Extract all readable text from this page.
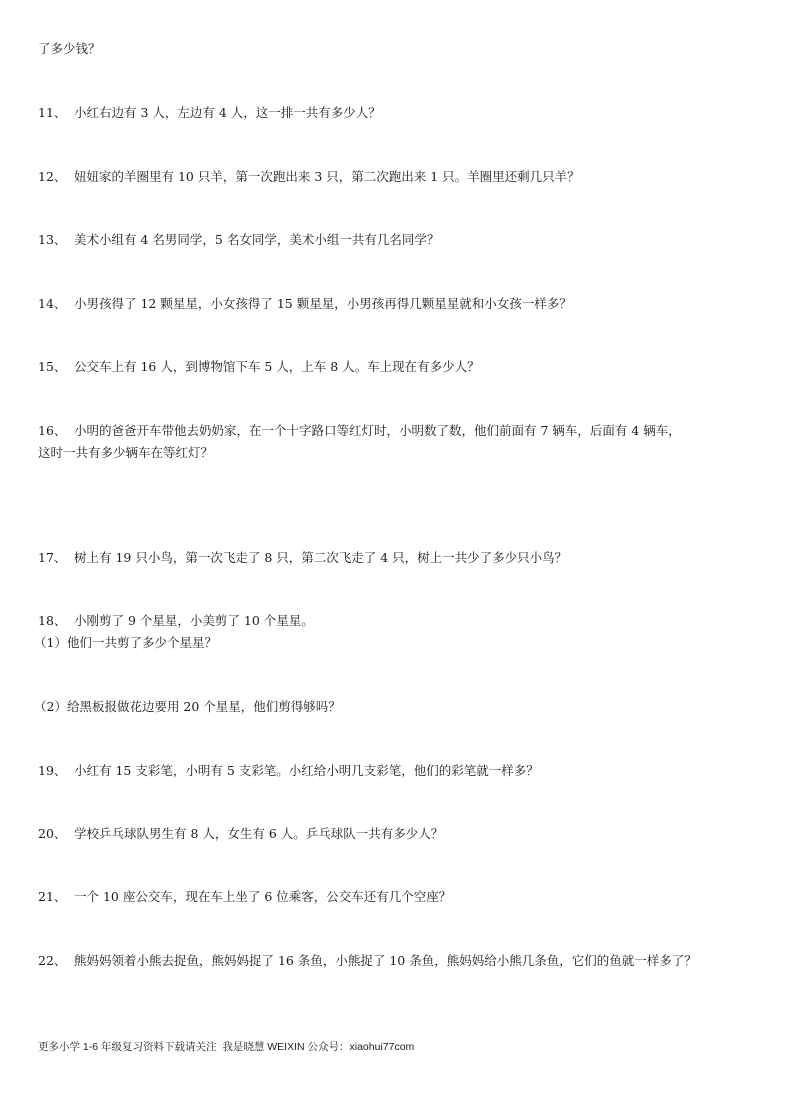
了多少钱？
11、 小红右边有 3 人，左边有 4 人，这一排一共有多少人？
12、 妞妞家的羊圈里有 10 只羊，第一次跑出来 3 只，第二次跑出来 1 只。羊圈里还剩几只羊？
13、 美术小组有 4 名男同学，5 名女同学，美术小组一共有几名同学？
14、 小男孩得了 12 颗星星，小女孩得了 15 颗星星，小男孩再得几颗星星就和小女孩一样多？
15、 公交车上有 16 人，到博物馆下车 5 人，上车 8 人。车上现在有多少人？
16、 小明的爸爸开车带他去奶奶家，在一个十字路口等红灯时，小明数了数，他们前面有 7 辆车，后面有 4 辆车，
这时一共有多少辆车在等红灯？
17、 树上有 19 只小鸟，第一次飞走了 8 只，第二次飞走了 4 只，树上一共少了多少只小鸟？
18、 小刚剪了 9 个星星，小美剪了 10 个星星。
（1）他们一共剪了多少个星星？
（2）给黑板报做花边要用 20 个星星，他们剪得够吗？
19、 小红有 15 支彩笔，小明有 5 支彩笔。小红给小明几支彩笔，他们的彩笔就一样多？
20、 学校乒乓球队男生有 8 人，女生有 6 人。乒乓球队一共有多少人？
21、 一个 10 座公交车，现在车上坐了 6 位乘客，公交车还有几个空座？
22、 熊妈妈领着小熊去捉鱼，熊妈妈捉了 16 条鱼，小熊捉了 10 条鱼，熊妈妈给小熊几条鱼，它们的鱼就一样多了？
更多小学 1-6 年级复习资料下载请关注  我是晓慧 WEIXIN 公众号：xiaohui77com
